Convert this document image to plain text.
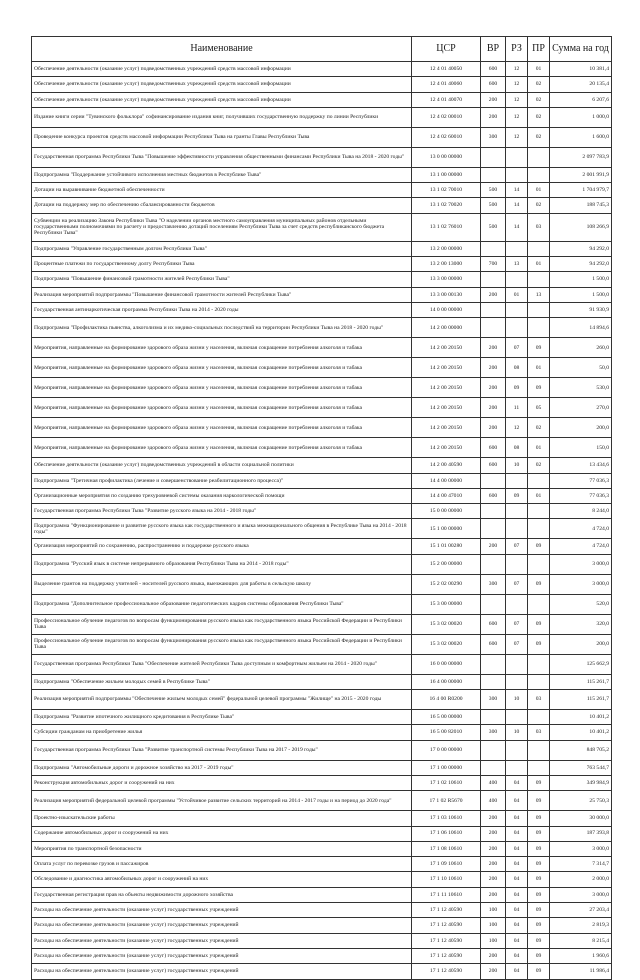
Наименование	ЦСР	ВР	РЗ	ПР	Сумма на год
Обеспечение деятельности (оказание услуг) подведомственных учреждений средств массовой информации	12 4 01 40050	600	12	01	10 381,4
Обеспечение деятельности (оказание услуг) подведомственных учреждений средств массовой информации	12 4 01 40060	600	12	02	20 135,4
Обеспечение деятельности (оказание услуг) подведомственных учреждений средств массовой информации	12 4 01 40070	200	12	02	6 207,6
Издание книги серии "Тувинского фольклора" софинансирование издания книг, получивших государственную поддержку по линии Республики	12 4 02 00010	200	12	02	1 000,0
Проведение конкурса проектов средств массовой информации Республики Тыва на гранты Главы Республики Тыва	12 4 02 60010	300	12	02	1 600,0
Государственная программа Республики Тыва "Повышение эффективности управления общественными финансами Республики Тыва на 2018 - 2020 годы"	13 0 00 00000				2 097 783,9
Подпрограмма "Поддержание устойчивого исполнения местных бюджетов в Республике Тыва"	13 1 00 00000				2 001 991,9
Дотации на выравнивание бюджетной обеспеченности	13 1 02 70010	500	14	01	1 704 979,7
Дотации на поддержку мер по обеспечению сбалансированности бюджетов	13 1 02 70020	500	14	02	188 745,3
Субвенции на реализацию Закона Республики Тыва "О наделении органов местного самоуправления муниципальных районов отдельными государственными полномочиями по расчету и предоставлению дотаций поселениям Республики Тыва за счет средств республиканского бюджета Республики Тыва"	13 1 02 76010	500	14	03	108 266,9
Подпрограмма "Управление государственным долгом Республики Тыва"	13 2 00 00000				94 292,0
Процентные платежи по государственному долгу Республики Тыва	13 2 00 13000	700	13	01	94 292,0
Подпрограмма "Повышение финансовой грамотности жителей Республики Тыва"	13 3 00 00000				1 500,0
Реализация мероприятий подпрограммы "Повышение финансовой грамотности жителей Республики Тыва"	13 3 00 00130	200	01	13	1 500,0
Государственная антинаркотическая программа Республики Тыва на 2014 - 2020 годы	14 0 00 00000				91 930,9
Подпрограмма "Профилактика пьянства, алкоголизма и их медико-социальных последствий на территории Республики Тыва на 2018 - 2020 годы"	14 2 00 00000				14 894,6
Мероприятия, направленные на формирование здорового образа жизни у населения, включая сокращение потребления алкоголя и табака	14 2 00 20150	200	07	09	260,0
Мероприятия, направленные на формирование здорового образа жизни у населения, включая сокращение потребления алкоголя и табака	14 2 00 20150	200	08	01	50,0
Мероприятия, направленные на формирование здорового образа жизни у населения, включая сокращение потребления алкоголя и табака	14 2 00 20150	200	09	09	530,0
Мероприятия, направленные на формирование здорового образа жизни у населения, включая сокращение потребления алкоголя и табака	14 2 00 20150	200	11	05	270,0
Мероприятия, направленные на формирование здорового образа жизни у населения, включая сокращение потребления алкоголя и табака	14 2 00 20150	200	12	02	200,0
Мероприятия, направленные на формирование здорового образа жизни у населения, включая сокращение потребления алкоголя и табака	14 2 00 20150	600	08	01	150,0
Обеспечение деятельности (оказание услуг) подведомственных учреждений в области социальной политики	14 2 00 40590	600	10	02	13 434,6
Подпрограмма "Третичная профилактика (лечение и совершенствование реабилитационного процесса)"	14 4 00 00000				77 036,3
Организационные мероприятия по созданию трехуровневой системы оказания наркологической помощи	14 4 00 47010	600	09	01	77 036,3
Государственная программа Республики Тыва "Развитие русского языка на 2014 - 2018 годы"	15 0 00 00000				8 244,0
Подпрограмма "Функционирование и развитие русского языка как государственного и языка межнационального общения в Республике Тыва на 2014 - 2018 годы"	15 1 00 00000				4 724,0
Организация мероприятий по сохранению, распространению и поддержке русского языка	15 1 01 00280	200	07	09	4 724,0
Подпрограмма "Русский язык в системе непрерывного образования Республики Тыва на 2014 - 2018 годы"	15 2 00 00000				3 000,0
Выделение грантов на поддержку учителей - носителей русского языка, выезжающих для работы в сельскую школу	15 2 02 00290	300	07	09	3 000,0
Подпрограмма "Дополнительное профессиональное образование педагогических кадров системы образования Республики Тыва"	15 3 00 00000				520,0
Профессиональное обучение педагогов по вопросам функционирования русского языка как государственного языка Российской Федерации и Республики Тыва	15 3 02 00020	600	07	09	320,0
Профессиональное обучение педагогов по вопросам функционирования русского языка как государственного языка Российской Федерации и Республики Тыва	15 3 02 00020	600	07	09	200,0
Государственная программа Республики Тыва "Обеспечение жителей Республики Тыва доступным и комфортным жильем на 2014 - 2020 годы"	16 0 00 00000				125 662,9
Подпрограмма "Обеспечение жильем молодых семей в Республике Тыва"	16 4 00 00000				115 261,7
Реализация мероприятий подпрограммы "Обеспечение жильем молодых семей" федеральной целевой программы "Жилище" на 2015 - 2020 годы	16 4 00 R0200	300	10	03	115 261,7
Подпрограмма "Развитие ипотечного жилищного кредитования в Республике Тыва"	16 5 00 00000				10 401,2
Субсидии гражданам на приобретение жилья	16 5 00 82010	300	10	03	10 401,2
Государственная программа Республики Тыва "Развитие транспортной системы Республики Тыва на 2017 - 2019 годы"	17 0 00 00000				848 705,2
Подпрограмма "Автомобильные дороги и дорожное хозяйство на 2017 - 2019 годы"	17 1 00 00000				763 544,7
Реконструкция автомобильных дорог и сооружений на них	17 1 02 10610	400	04	09	349 984,9
Реализация мероприятий федеральной целевой программы "Устойчивое развитие сельских территорий на 2014 - 2017 годы и на период до 2020 года"	17 1 02 R5670	400	04	09	25 750,3
Проектно-изыскательские работы	17 1 03 10610	200	04	09	30 000,0
Содержание автомобильных дорог и сооружений на них	17 1 06 10610	200	04	09	187 393,8
Мероприятия по транспортной безопасности	17 1 08 10610	200	04	09	3 000,0
Оплата услуг по перевозке грузов и пассажиров	17 1 09 10610	200	04	09	7 314,7
Обследование и диагностика автомобильных дорог и сооружений на них	17 1 10 10610	200	04	09	2 000,0
Государственная регистрация прав на объекты недвижимости дорожного хозяйства	17 1 11 10610	200	04	09	3 000,0
Расходы на обеспечение деятельности (оказание услуг) государственных учреждений	17 1 12 40590	100	04	09	27 203,4
Расходы на обеспечение деятельности (оказание услуг) государственных учреждений	17 1 12 40590	100	04	09	2 819,3
Расходы на обеспечение деятельности (оказание услуг) государственных учреждений	17 1 12 40590	100	04	09	8 215,4
Расходы на обеспечение деятельности (оказание услуг) государственных учреждений	17 1 12 40590	200	04	09	1 960,6
Расходы на обеспечение деятельности (оказание услуг) государственных учреждений	17 1 12 40590	200	04	09	11 986,4
